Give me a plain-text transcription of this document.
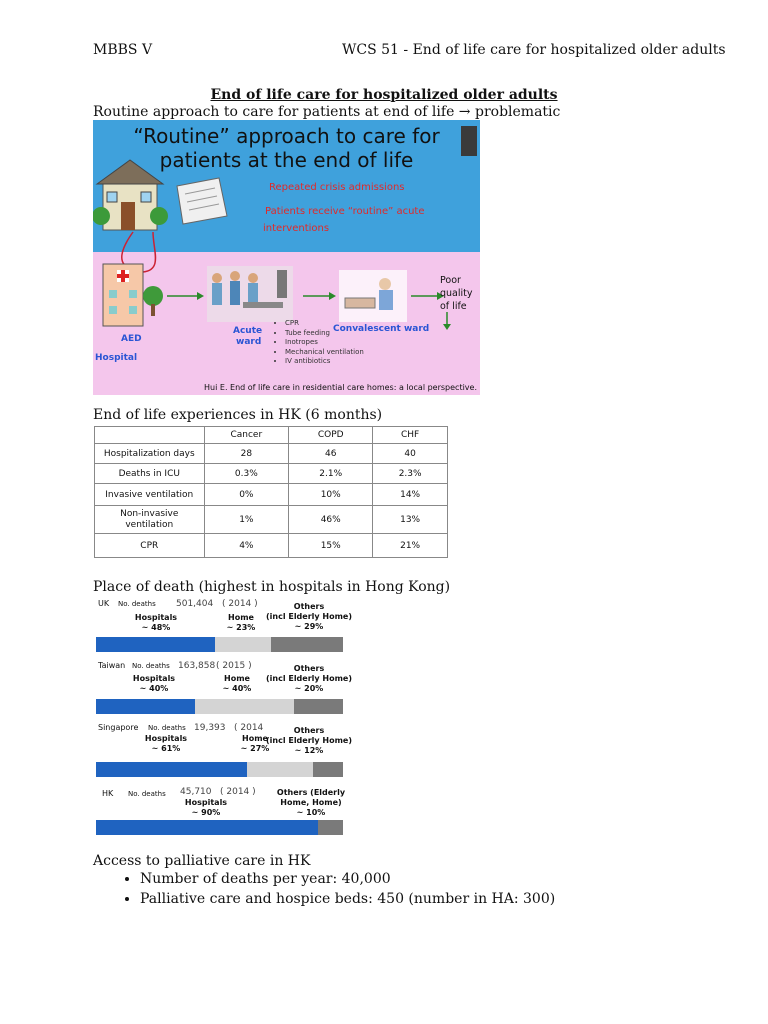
MBBS V	WCS 51 - End of life care for hospitalized older adults
End of life care for hospitalized older adults
Routine approach to care for patients at end of life → problematic
“Routine” approach to care for
patients at the end of life
Repeated crisis admissions
Patients receive “routine” acute
interventions
AED
Hospital
Acute
ward
Convalescent ward
Poor
quality
of life
• CPR
• Tube feeding
• Inotropes
• Mechanical ventilation
• IV antibiotics
Hui E. End of life care in residential care homes: a local perspective.
End of life experiences in HK (6 months)
	Cancer	COPD	CHF
Hospitalization days	28	46	40
Deaths in ICU	0.3%	2.1%	2.3%
Invasive ventilation	0%	10%	14%
Non-invasive
ventilation	1%	46%	13%
CPR	4%	15%	21%
Place of death (highest in hospitals in Hong Kong)
UK No. deaths 501,404 ( 2014 )
Hospitals
~ 48%
Home
~ 23%
Others
(incl Elderly Home)
~ 29%
Taiwan No. deaths 163,858 ( 2015 )
Hospitals
~ 40%
Home
~ 40%
Others
(incl Elderly Home)
~ 20%
Singapore No. deaths 19,393 ( 2014
Hospitals
~ 61%
Home
~ 27%
Others
(incl Elderly Home)
~ 12%
HK No. deaths 45,710 ( 2014 )
Hospitals
~ 90%
Others (Elderly
Home, Home)
~ 10%
Access to palliative care in HK
• Number of deaths per year: 40,000
• Palliative care and hospice beds: 450 (number in HA: 300)
